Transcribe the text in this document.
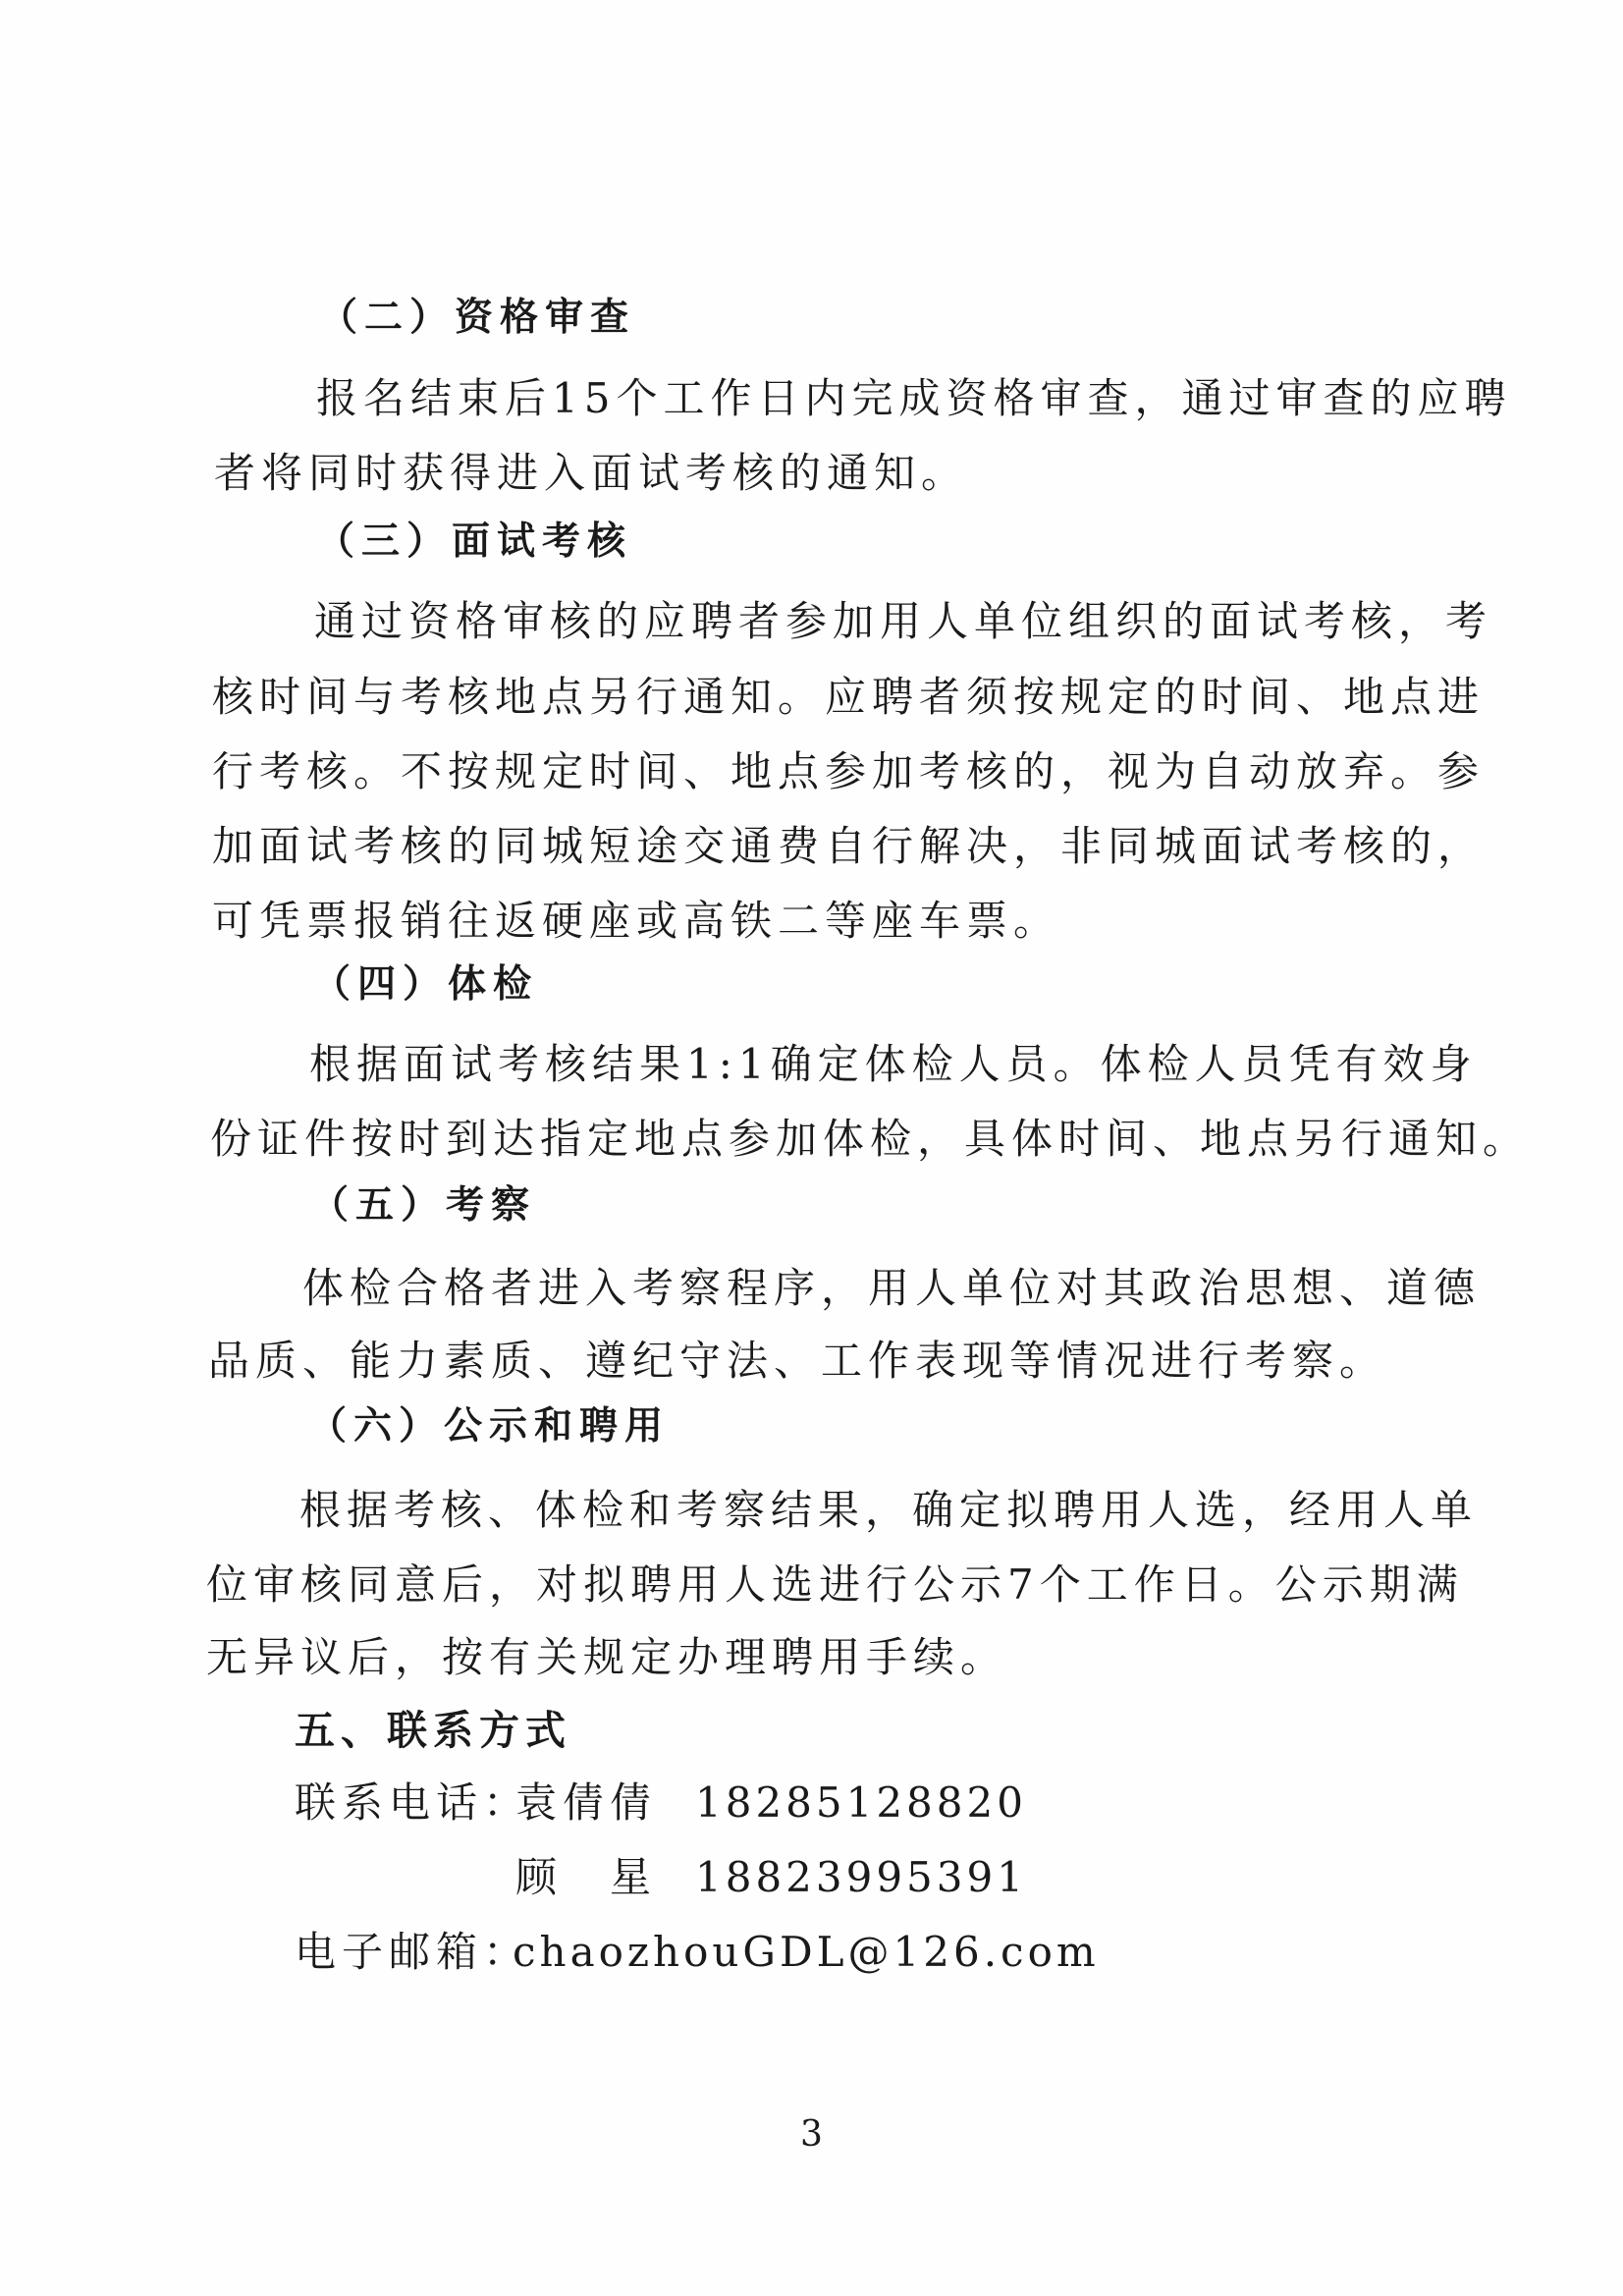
（二）资格审查
报名结束后15个工作日内完成资格审查，通过审查的应聘
者将同时获得进入面试考核的通知。
（三）面试考核
通过资格审核的应聘者参加用人单位组织的面试考核，考
核时间与考核地点另行通知。应聘者须按规定的时间、地点进
行考核。不按规定时间、地点参加考核的，视为自动放弃。参
加面试考核的同城短途交通费自行解决，非同城面试考核的，
可凭票报销往返硬座或高铁二等座车票。
（四）体检
根据面试考核结果1:1确定体检人员。体检人员凭有效身
份证件按时到达指定地点参加体检，具体时间、地点另行通知。
（五）考察
体检合格者进入考察程序，用人单位对其政治思想、道德
品质、能力素质、遵纪守法、工作表现等情况进行考察。
（六）公示和聘用
根据考核、体检和考察结果，确定拟聘用人选，经用人单
位审核同意后，对拟聘用人选进行公示7个工作日。公示期满
无异议后，按有关规定办理聘用手续。
五、联系方式
联系电话：
袁倩倩 18285128820
顾　星 18823995391
电子邮箱：
chaozhouGDL@126.com
3
